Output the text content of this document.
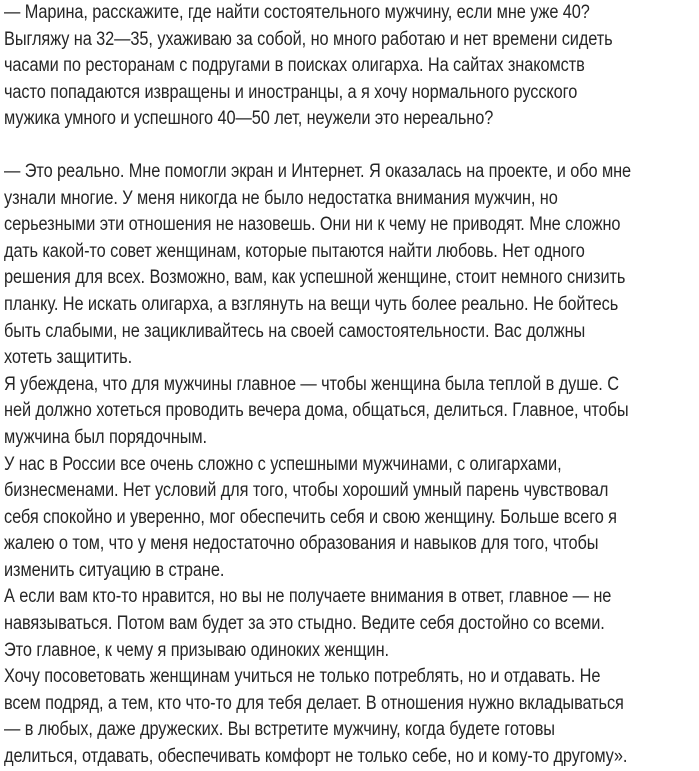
— Марина, расскажите, где найти состоятельного мужчину, если мне уже 40?
Выгляжу на 32—35, ухаживаю за собой, но много работаю и нет времени сидеть
часами по ресторанам с подругами в поисках олигарха. На сайтах знакомств
часто попадаются извращены и иностранцы, а я хочу нормального русского
мужика умного и успешного 40—50 лет, неужели это нереально?

— Это реально. Мне помогли экран и Интернет. Я оказалась на проекте, и обо мне
узнали многие. У меня никогда не было недостатка внимания мужчин, но
серьезными эти отношения не назовешь. Они ни к чему не приводят. Мне сложно
дать какой-то совет женщинам, которые пытаются найти любовь. Нет одного
решения для всех. Возможно, вам, как успешной женщине, стоит немного снизить
планку. Не искать олигарха, а взглянуть на вещи чуть более реально. Не бойтесь
быть слабыми, не зацикливайтесь на своей самостоятельности. Вас должны
хотеть защитить.

Я убеждена, что для мужчины главное — чтобы женщина была теплой в душе. С
ней должно хотеться проводить вечера дома, общаться, делиться. Главное, чтобы
мужчина был порядочным.

У нас в России все очень сложно с успешными мужчинами, с олигархами,
бизнесменами. Нет условий для того, чтобы хороший умный парень чувствовал
себя спокойно и уверенно, мог обеспечить себя и свою женщину. Больше всего я
жалею о том, что у меня недостаточно образования и навыков для того, чтобы
изменить ситуацию в стране.

А если вам кто-то нравится, но вы не получаете внимания в ответ, главное — не
навязываться. Потом вам будет за это стыдно. Ведите себя достойно со всеми.
Это главное, к чему я призываю одиноких женщин.

Хочу посоветовать женщинам учиться не только потреблять, но и отдавать. Не
всем подряд, а тем, кто что-то для тебя делает. В отношения нужно вкладываться
— в любых, даже дружеских. Вы встретите мужчину, когда будете готовы
делиться, отдавать, обеспечивать комфорт не только себе, но и кому-то другому».
